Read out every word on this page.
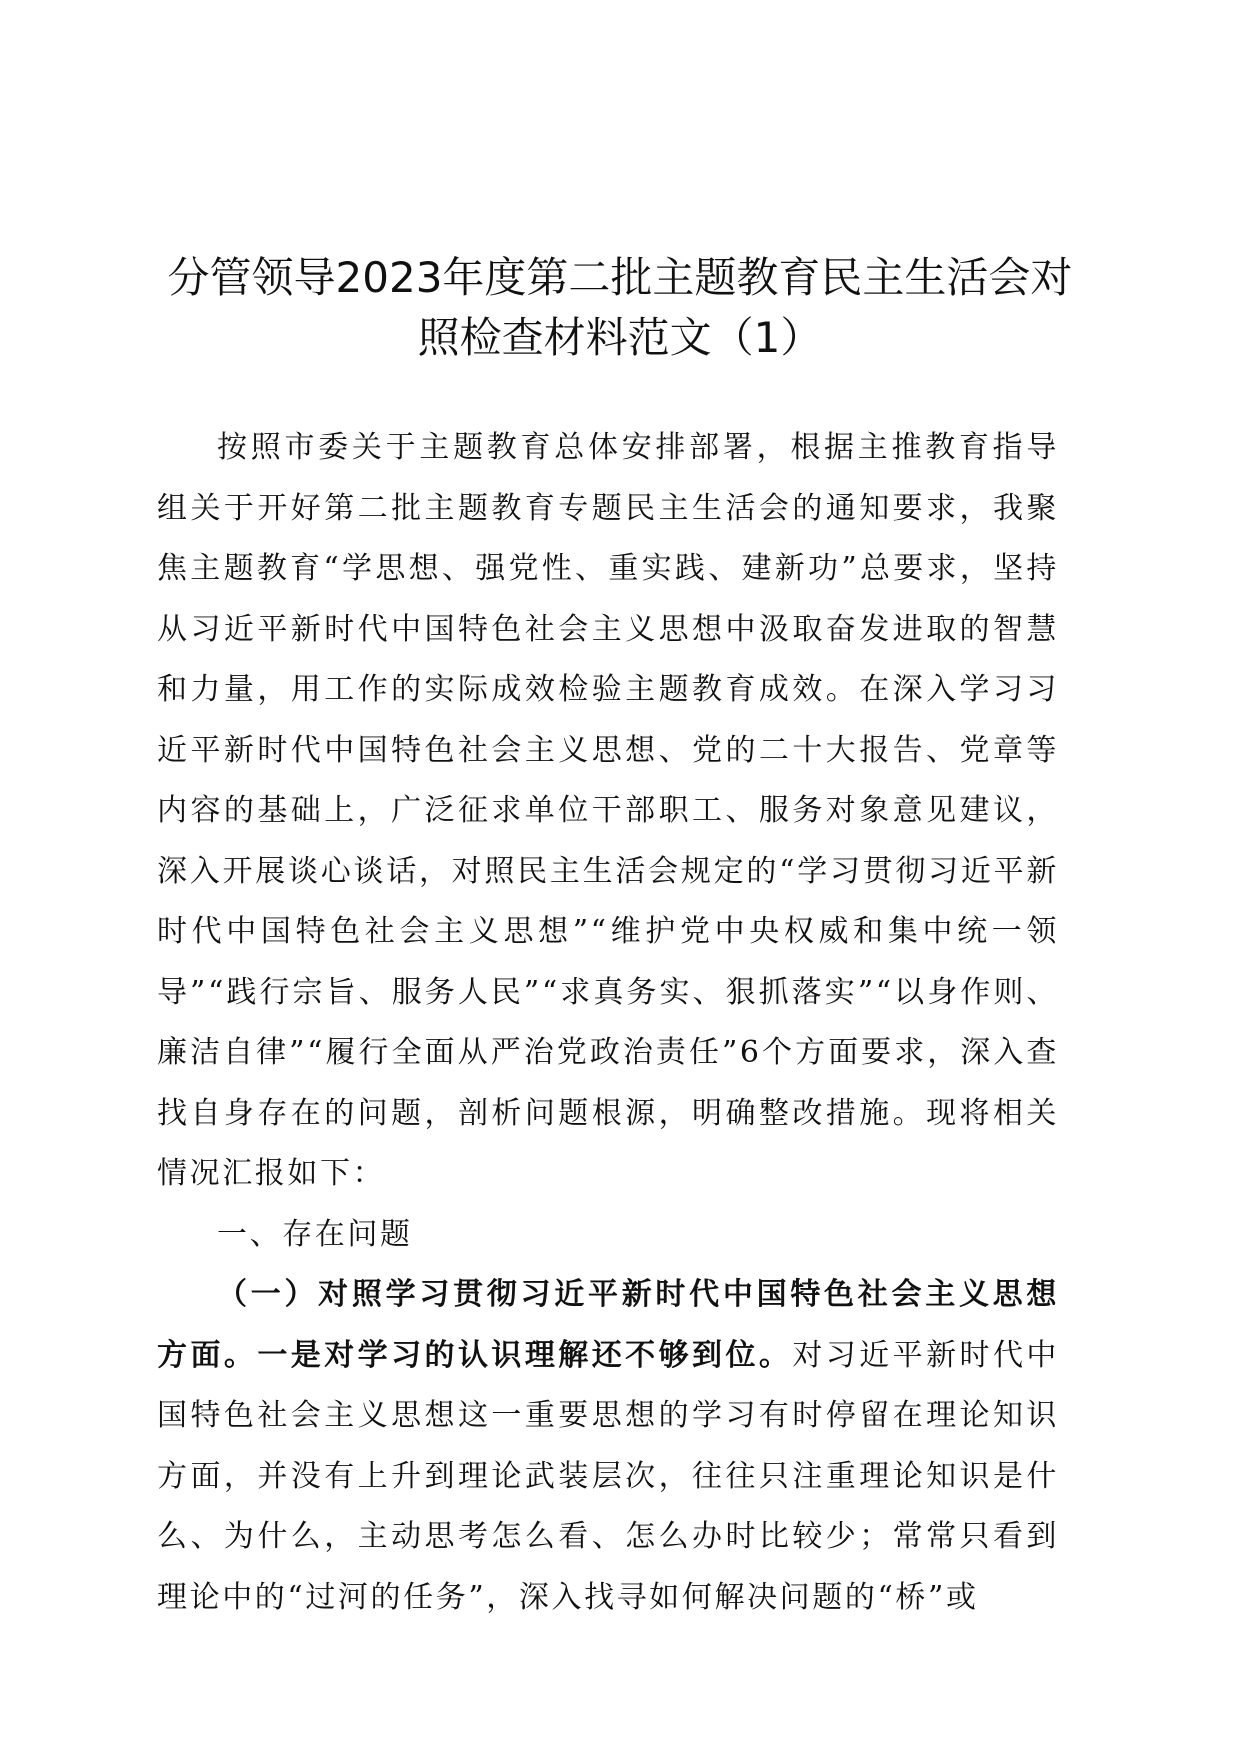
分管领导2023年度第二批主题教育民主生活会对照检查材料范文（1）

按照市委关于主题教育总体安排部署，根据主推教育指导组关于开好第二批主题教育专题民主生活会的通知要求，我聚焦主题教育“学思想、强党性、重实践、建新功”总要求，坚持从习近平新时代中国特色社会主义思想中汲取奋发进取的智慧和力量，用工作的实际成效检验主题教育成效。在深入学习习近平新时代中国特色社会主义思想、党的二十大报告、党章等内容的基础上，广泛征求单位干部职工、服务对象意见建议，深入开展谈心谈话，对照民主生活会规定的“学习贯彻习近平新时代中国特色社会主义思想”“维护党中央权威和集中统一领导”“践行宗旨、服务人民”“求真务实、狠抓落实”“以身作则、廉洁自律”“履行全面从严治党政治责任”6个方面要求，深入查找自身存在的问题，剖析问题根源，明确整改措施。现将相关情况汇报如下：

一、存在问题

（一）对照学习贯彻习近平新时代中国特色社会主义思想方面。一是对学习的认识理解还不够到位。对习近平新时代中国特色社会主义思想这一重要思想的学习有时停留在理论知识方面，并没有上升到理论武装层次，往往只注重理论知识是什么、为什么，主动思考怎么看、怎么办时比较少；常常只看到理论中的“过河的任务”，深入找寻如何解决问题的“桥”或
